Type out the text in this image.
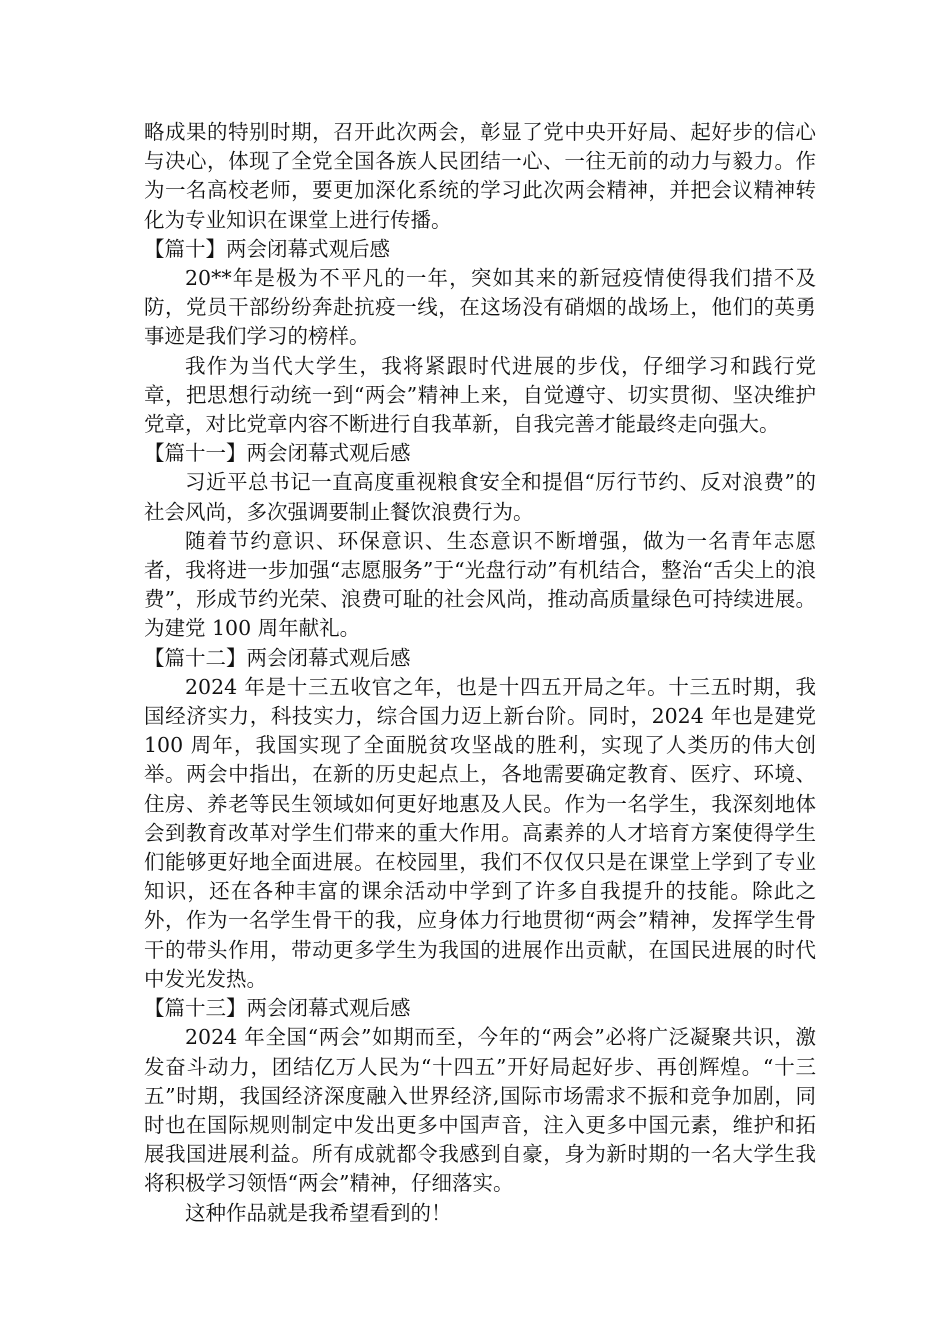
略成果的特别时期，召开此次两会，彰显了党中央开好局、起好步的信心与决心，体现了全党全国各族人民团结一心、一往无前的动力与毅力。作为一名高校老师，要更加深化系统的学习此次两会精神，并把会议精神转化为专业知识在课堂上进行传播。

【篇十】两会闭幕式观后感

20**年是极为不平凡的一年，突如其来的新冠疫情使得我们措不及防，党员干部纷纷奔赴抗疫一线，在这场没有硝烟的战场上，他们的英勇事迹是我们学习的榜样。

我作为当代大学生，我将紧跟时代进展的步伐，仔细学习和践行党章，把思想行动统一到“两会”精神上来，自觉遵守、切实贯彻、坚决维护党章，对比党章内容不断进行自我革新，自我完善才能最终走向强大。

【篇十一】两会闭幕式观后感

习近平总书记一直高度重视粮食安全和提倡“厉行节约、反对浪费”的社会风尚，多次强调要制止餐饮浪费行为。

随着节约意识、环保意识、生态意识不断增强，做为一名青年志愿者，我将进一步加强“志愿服务”于“光盘行动”有机结合，整治“舌尖上的浪费”，形成节约光荣、浪费可耻的社会风尚，推动高质量绿色可持续进展。为建党 100 周年献礼。

【篇十二】两会闭幕式观后感

2024 年是十三五收官之年，也是十四五开局之年。十三五时期，我国经济实力，科技实力，综合国力迈上新台阶。同时，2024 年也是建党 100 周年，我国实现了全面脱贫攻坚战的胜利，实现了人类历的伟大创举。两会中指出，在新的历史起点上，各地需要确定教育、医疗、环境、住房、养老等民生领域如何更好地惠及人民。作为一名学生，我深刻地体会到教育改革对学生们带来的重大作用。高素养的人才培育方案使得学生们能够更好地全面进展。在校园里，我们不仅仅只是在课堂上学到了专业知识，还在各种丰富的课余活动中学到了许多自我提升的技能。除此之外，作为一名学生骨干的我，应身体力行地贯彻“两会”精神，发挥学生骨干的带头作用，带动更多学生为我国的进展作出贡献，在国民进展的时代中发光发热。

【篇十三】两会闭幕式观后感

2024 年全国“两会”如期而至，今年的“两会”必将广泛凝聚共识，激发奋斗动力，团结亿万人民为“十四五”开好局起好步、再创辉煌。“十三五”时期，我国经济深度融入世界经济,国际市场需求不振和竞争加剧，同时也在国际规则制定中发出更多中国声音，注入更多中国元素，维护和拓展我国进展利益。所有成就都令我感到自豪，身为新时期的一名大学生我将积极学习领悟“两会”精神，仔细落实。

这种作品就是我希望看到的！
